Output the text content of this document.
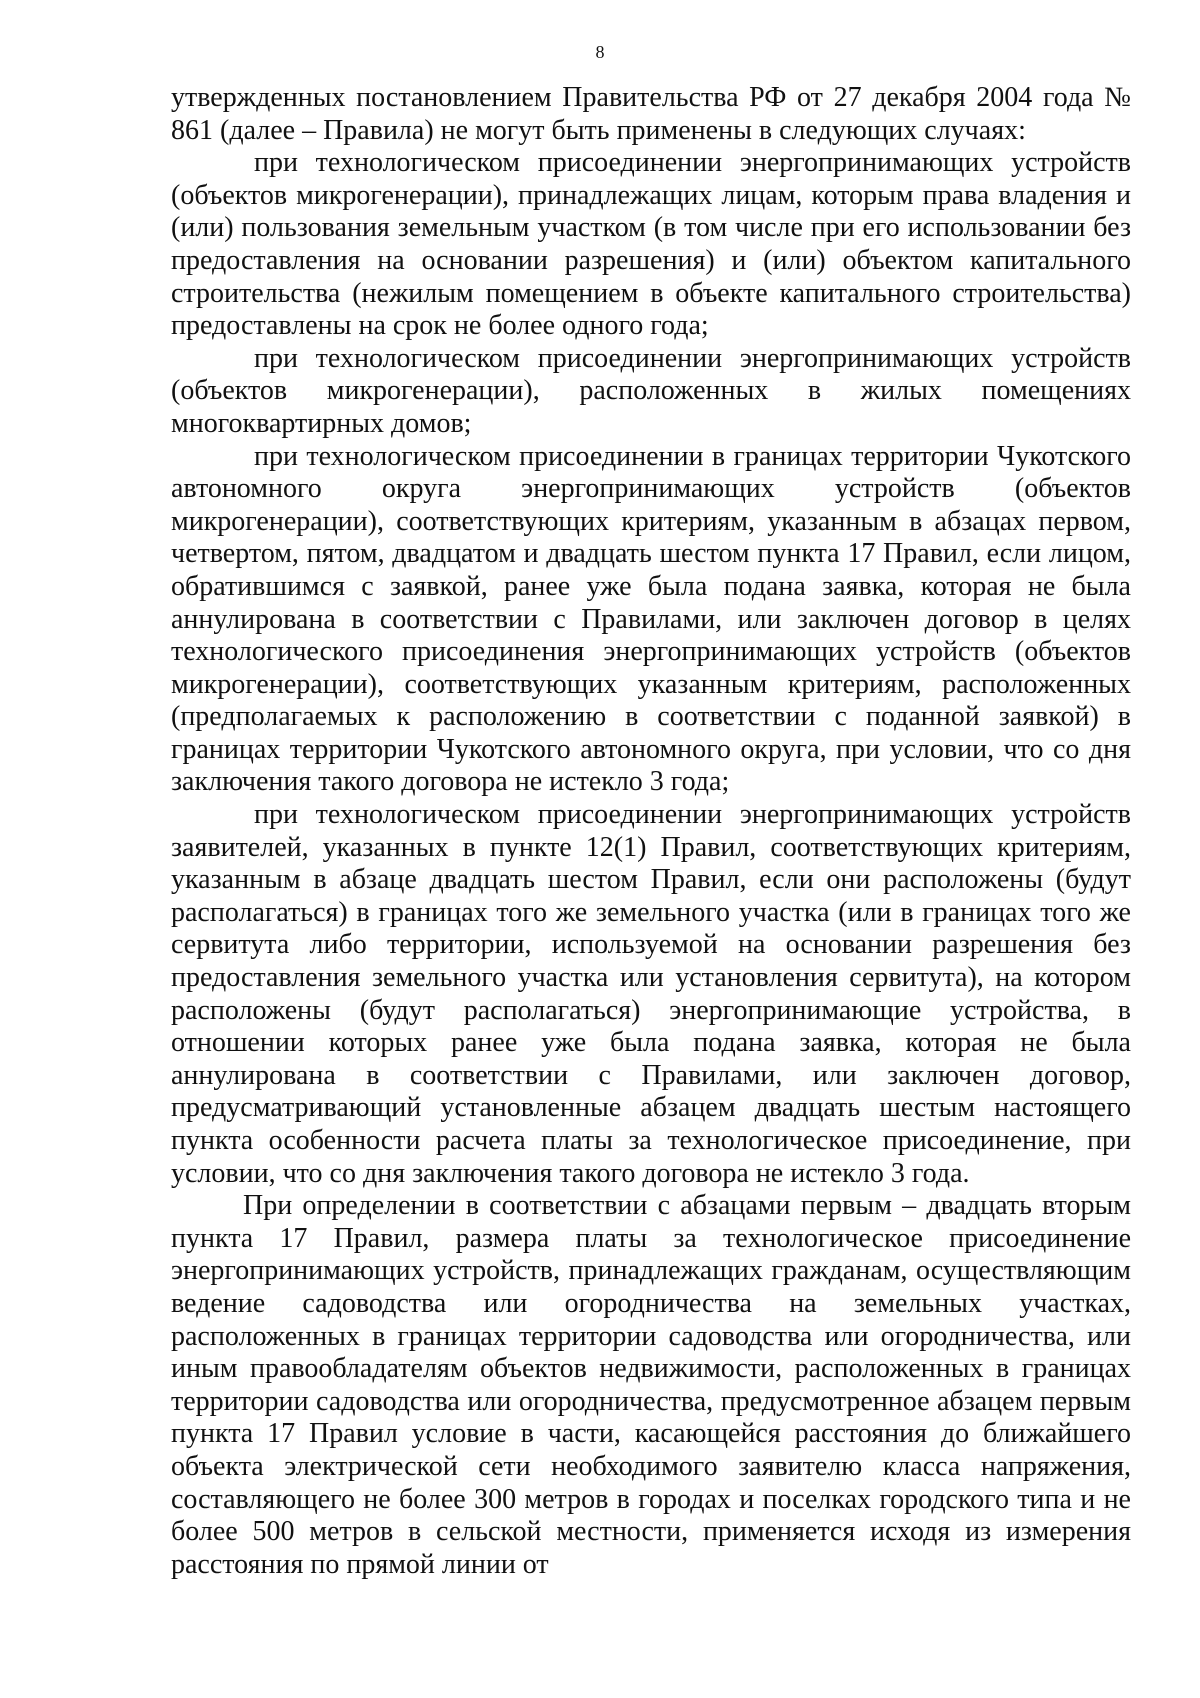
8

утвержденных постановлением Правительства РФ от 27 декабря 2004 года № 861 (далее – Правила) не могут быть применены в следующих случаях:

при технологическом присоединении энергопринимающих устройств (объектов микрогенерации), принадлежащих лицам, которым права владения и (или) пользования земельным участком (в том числе при его использовании без предоставления на основании разрешения) и (или) объектом капитального строительства (нежилым помещением в объекте капитального строительства) предоставлены на срок не более одного года;

при технологическом присоединении энергопринимающих устройств (объектов микрогенерации), расположенных в жилых помещениях многоквартирных домов;

при технологическом присоединении в границах территории Чукотского автономного округа энергопринимающих устройств (объектов микрогенерации), соответствующих критериям, указанным в абзацах первом, четвертом, пятом, двадцатом и двадцать шестом пункта 17 Правил, если лицом, обратившимся с заявкой, ранее уже была подана заявка, которая не была аннулирована в соответствии с Правилами, или заключен договор в целях технологического присоединения энергопринимающих устройств (объектов микрогенерации), соответствующих указанным критериям, расположенных (предполагаемых к расположению в соответствии с поданной заявкой) в границах территории Чукотского автономного округа, при условии, что со дня заключения такого договора не истекло 3 года;

при технологическом присоединении энергопринимающих устройств заявителей, указанных в пункте 12(1) Правил, соответствующих критериям, указанным в абзаце двадцать шестом Правил, если они расположены (будут располагаться) в границах того же земельного участка (или в границах того же сервитута либо территории, используемой на основании разрешения без предоставления земельного участка или установления сервитута), на котором расположены (будут располагаться) энергопринимающие устройства, в отношении которых ранее уже была подана заявка, которая не была аннулирована в соответствии с Правилами, или заключен договор, предусматривающий установленные абзацем двадцать шестым настоящего пункта особенности расчета платы за технологическое присоединение, при условии, что со дня заключения такого договора не истекло 3 года.

При определении в соответствии с абзацами первым – двадцать вторым пункта 17 Правил, размера платы за технологическое присоединение энергопринимающих устройств, принадлежащих гражданам, осуществляющим ведение садоводства или огородничества на земельных участках, расположенных в границах территории садоводства или огородничества, или иным правообладателям объектов недвижимости, расположенных в границах территории садоводства или огородничества, предусмотренное абзацем первым пункта 17 Правил условие в части, касающейся расстояния до ближайшего объекта электрической сети необходимого заявителю класса напряжения, составляющего не более 300 метров в городах и поселках городского типа и не более 500 метров в сельской местности, применяется исходя из измерения расстояния по прямой линии от
